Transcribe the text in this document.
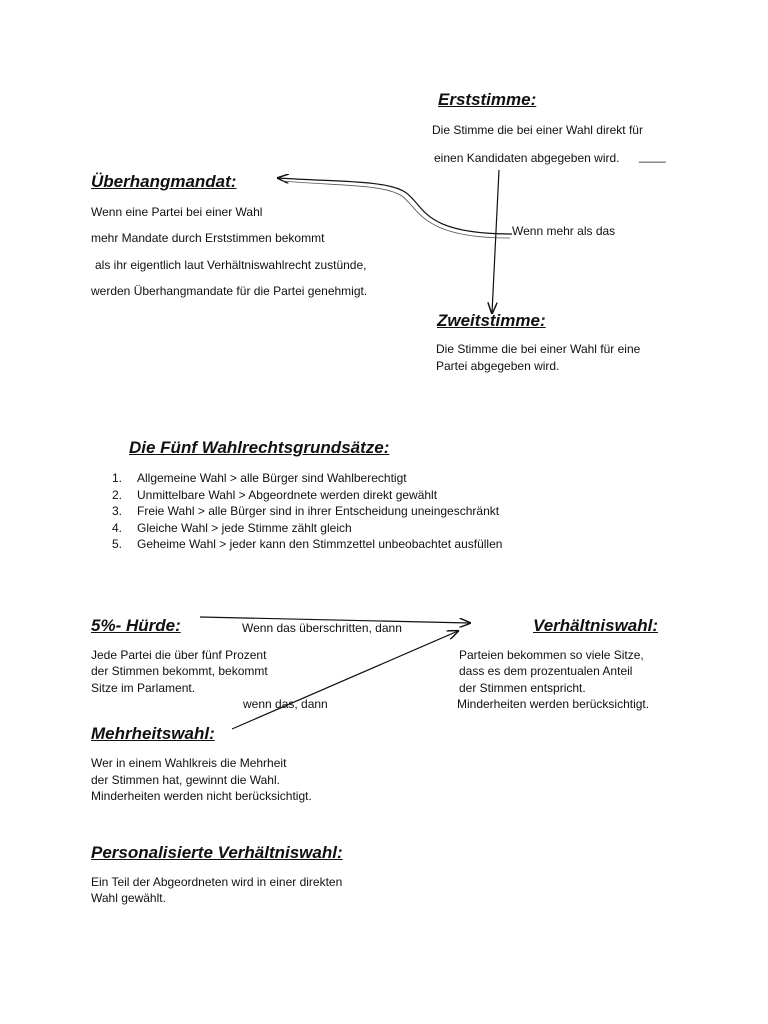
Erststimme:
Die Stimme die bei einer Wahl direkt für
einen Kandidaten abgegeben wird. ____
Überhangmandat:
Wenn eine Partei bei einer Wahl
mehr Mandate durch Erststimmen bekommt
als ihr eigentlich laut Verhältniswahlrecht zustünde,
werden Überhangmandate für die Partei genehmigt.
Wenn mehr als das
Zweitstimme:
Die Stimme die bei einer Wahl für eine
Partei abgegeben wird.
Die Fünf Wahlrechtsgrundsätze:
1.	Allgemeine Wahl > alle Bürger sind Wahlberechtigt
2.	Unmittelbare Wahl > Abgeordnete werden direkt gewählt
3.	Freie Wahl > alle Bürger sind in ihrer Entscheidung uneingeschränkt
4.	Gleiche Wahl > jede Stimme zählt gleich
5.	Geheime Wahl > jeder kann den Stimmzettel unbeobachtet ausfüllen
5%- Hürde:	Wenn das überschritten, dann
Jede Partei die über fünf Prozent
der Stimmen bekommt, bekommt
Sitze im Parlament.
wenn das, dann
Verhältniswahl:
Parteien bekommen so viele Sitze,
dass es dem prozentualen Anteil
der Stimmen entspricht.
Minderheiten werden berücksichtigt.
Mehrheitswahl:
Wer in einem Wahlkreis die Mehrheit
der Stimmen hat, gewinnt die Wahl.
Minderheiten werden nicht berücksichtigt.
Personalisierte Verhältniswahl:
Ein Teil der Abgeordneten wird in einer direkten
Wahl gewählt.
